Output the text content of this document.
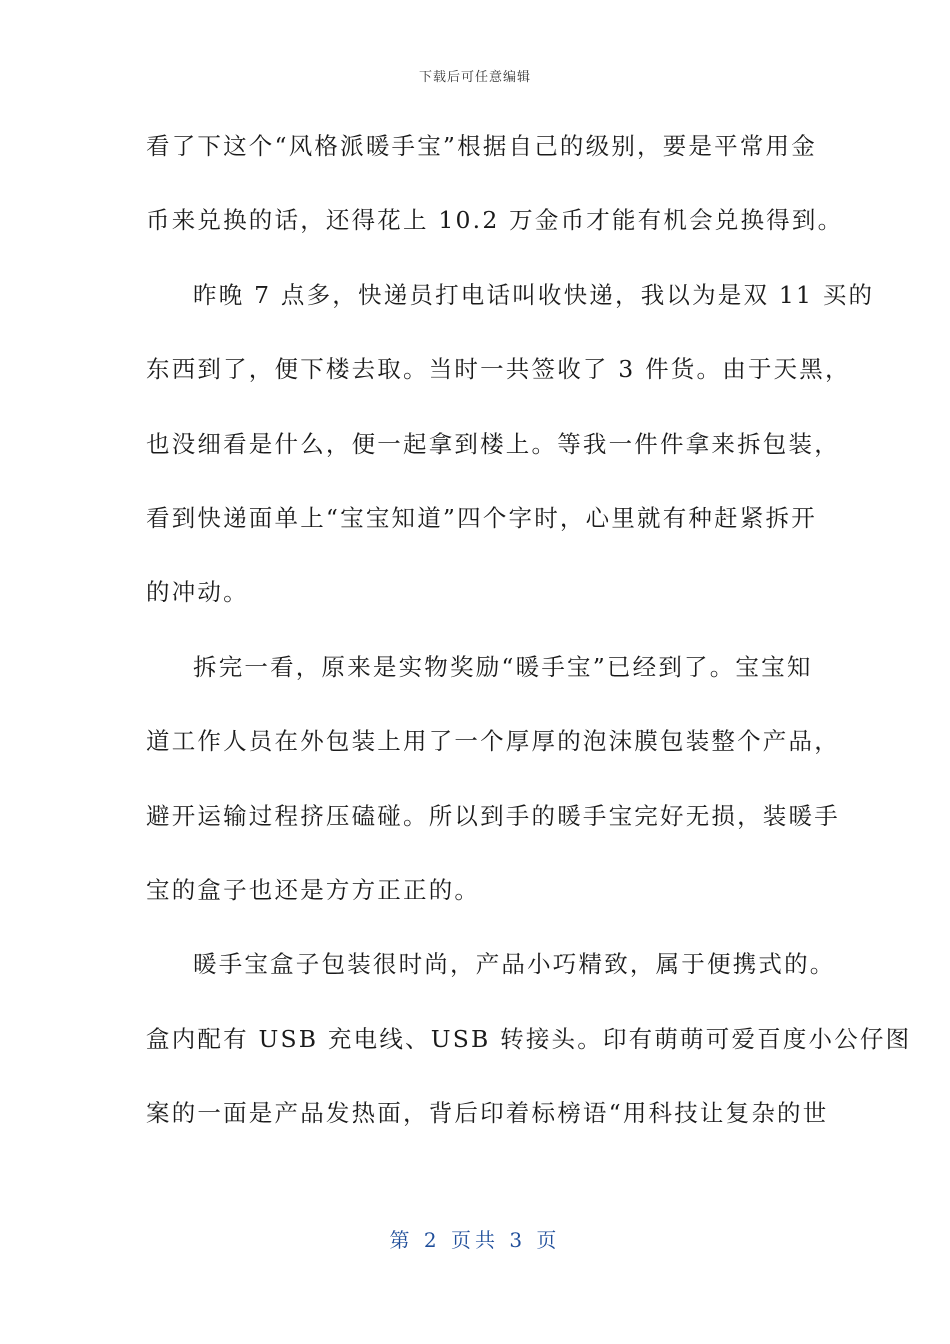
下载后可任意编辑
看了下这个“风格派暖手宝”根据自己的级别，要是平常用金
币来兑换的话，还得花上 10.2 万金币才能有机会兑换得到。
昨晚 7 点多，快递员打电话叫收快递，我以为是双 11 买的
东西到了，便下楼去取。当时一共签收了 3 件货。由于天黑，
也没细看是什么，便一起拿到楼上。等我一件件拿来拆包装，
看到快递面单上“宝宝知道”四个字时，心里就有种赶紧拆开
的冲动。
拆完一看，原来是实物奖励“暖手宝”已经到了。宝宝知
道工作人员在外包装上用了一个厚厚的泡沫膜包装整个产品，
避开运输过程挤压磕碰。所以到手的暖手宝完好无损，装暖手
宝的盒子也还是方方正正的。
暖手宝盒子包装很时尚，产品小巧精致，属于便携式的。
盒内配有 USB 充电线、USB 转接头。印有萌萌可爱百度小公仔图
案的一面是产品发热面，背后印着标榜语“用科技让复杂的世
第 2 页共 3 页
